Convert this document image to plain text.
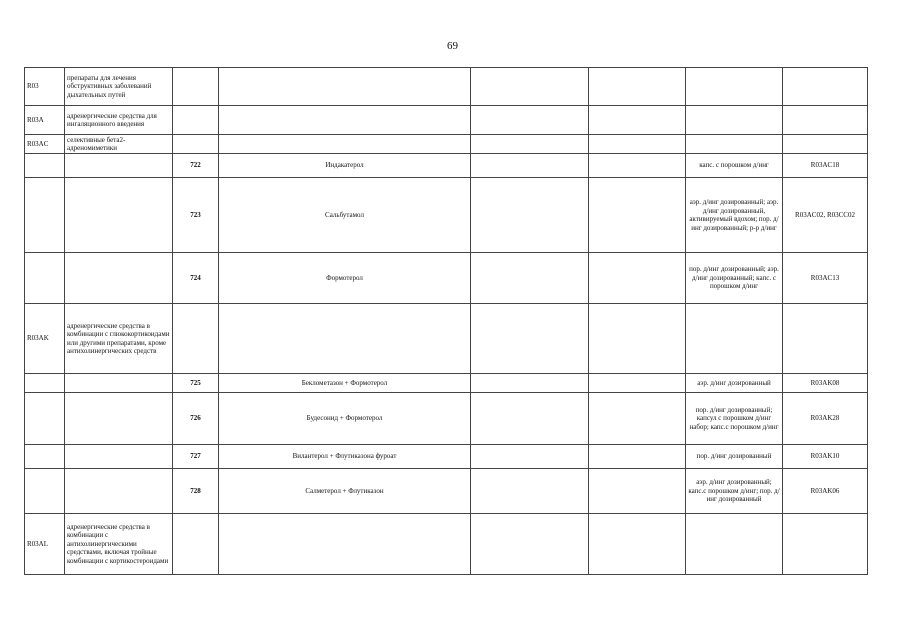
69
R03	препараты для лечения обструктивных заболеваний дыхательных путей						
R03A	адренергические средства для ингаляционного введения						
R03AC	селективные бета2-адреномиметики						
		722	Индакатерол			капс. с порошком д/инг	R03AC18
		723	Сальбутамол			аэр. д/инг дозированный; аэр. д/инг дозированный, активируемый вдохом; пор. д/инг дозированный; р-р д/инг	R03AC02, R03CC02
		724	Формотерол			пор. д/инг дозированный; аэр. д/инг дозированный; капс. с порошком д/инг	R03AC13
R03AK	адренергические средства в комбинации с глюкокортикоидами или другими препаратами, кроме антихолинергических средств						
		725	Беклометазон + Формотерол			аэр. д/инг дозированный	R03AK08
		726	Будесонид + Формотерол			пор. д/инг дозированный; капсул с порошком д/инг набор; капс.с порошком д/инг	R03AK28
		727	Вилантерол + Флутиказона фуроат			пор. д/инг дозированный	R03AK10
		728	Салметерол + Флутиказон			аэр. д/инг дозированный; капс.с порошком д/инг; пор. д/инг дозированный	R03AK06
R03AL	адренергические средства в комбинации с антихолинергическими средствами, включая тройные комбинации с кортикостероидами						
